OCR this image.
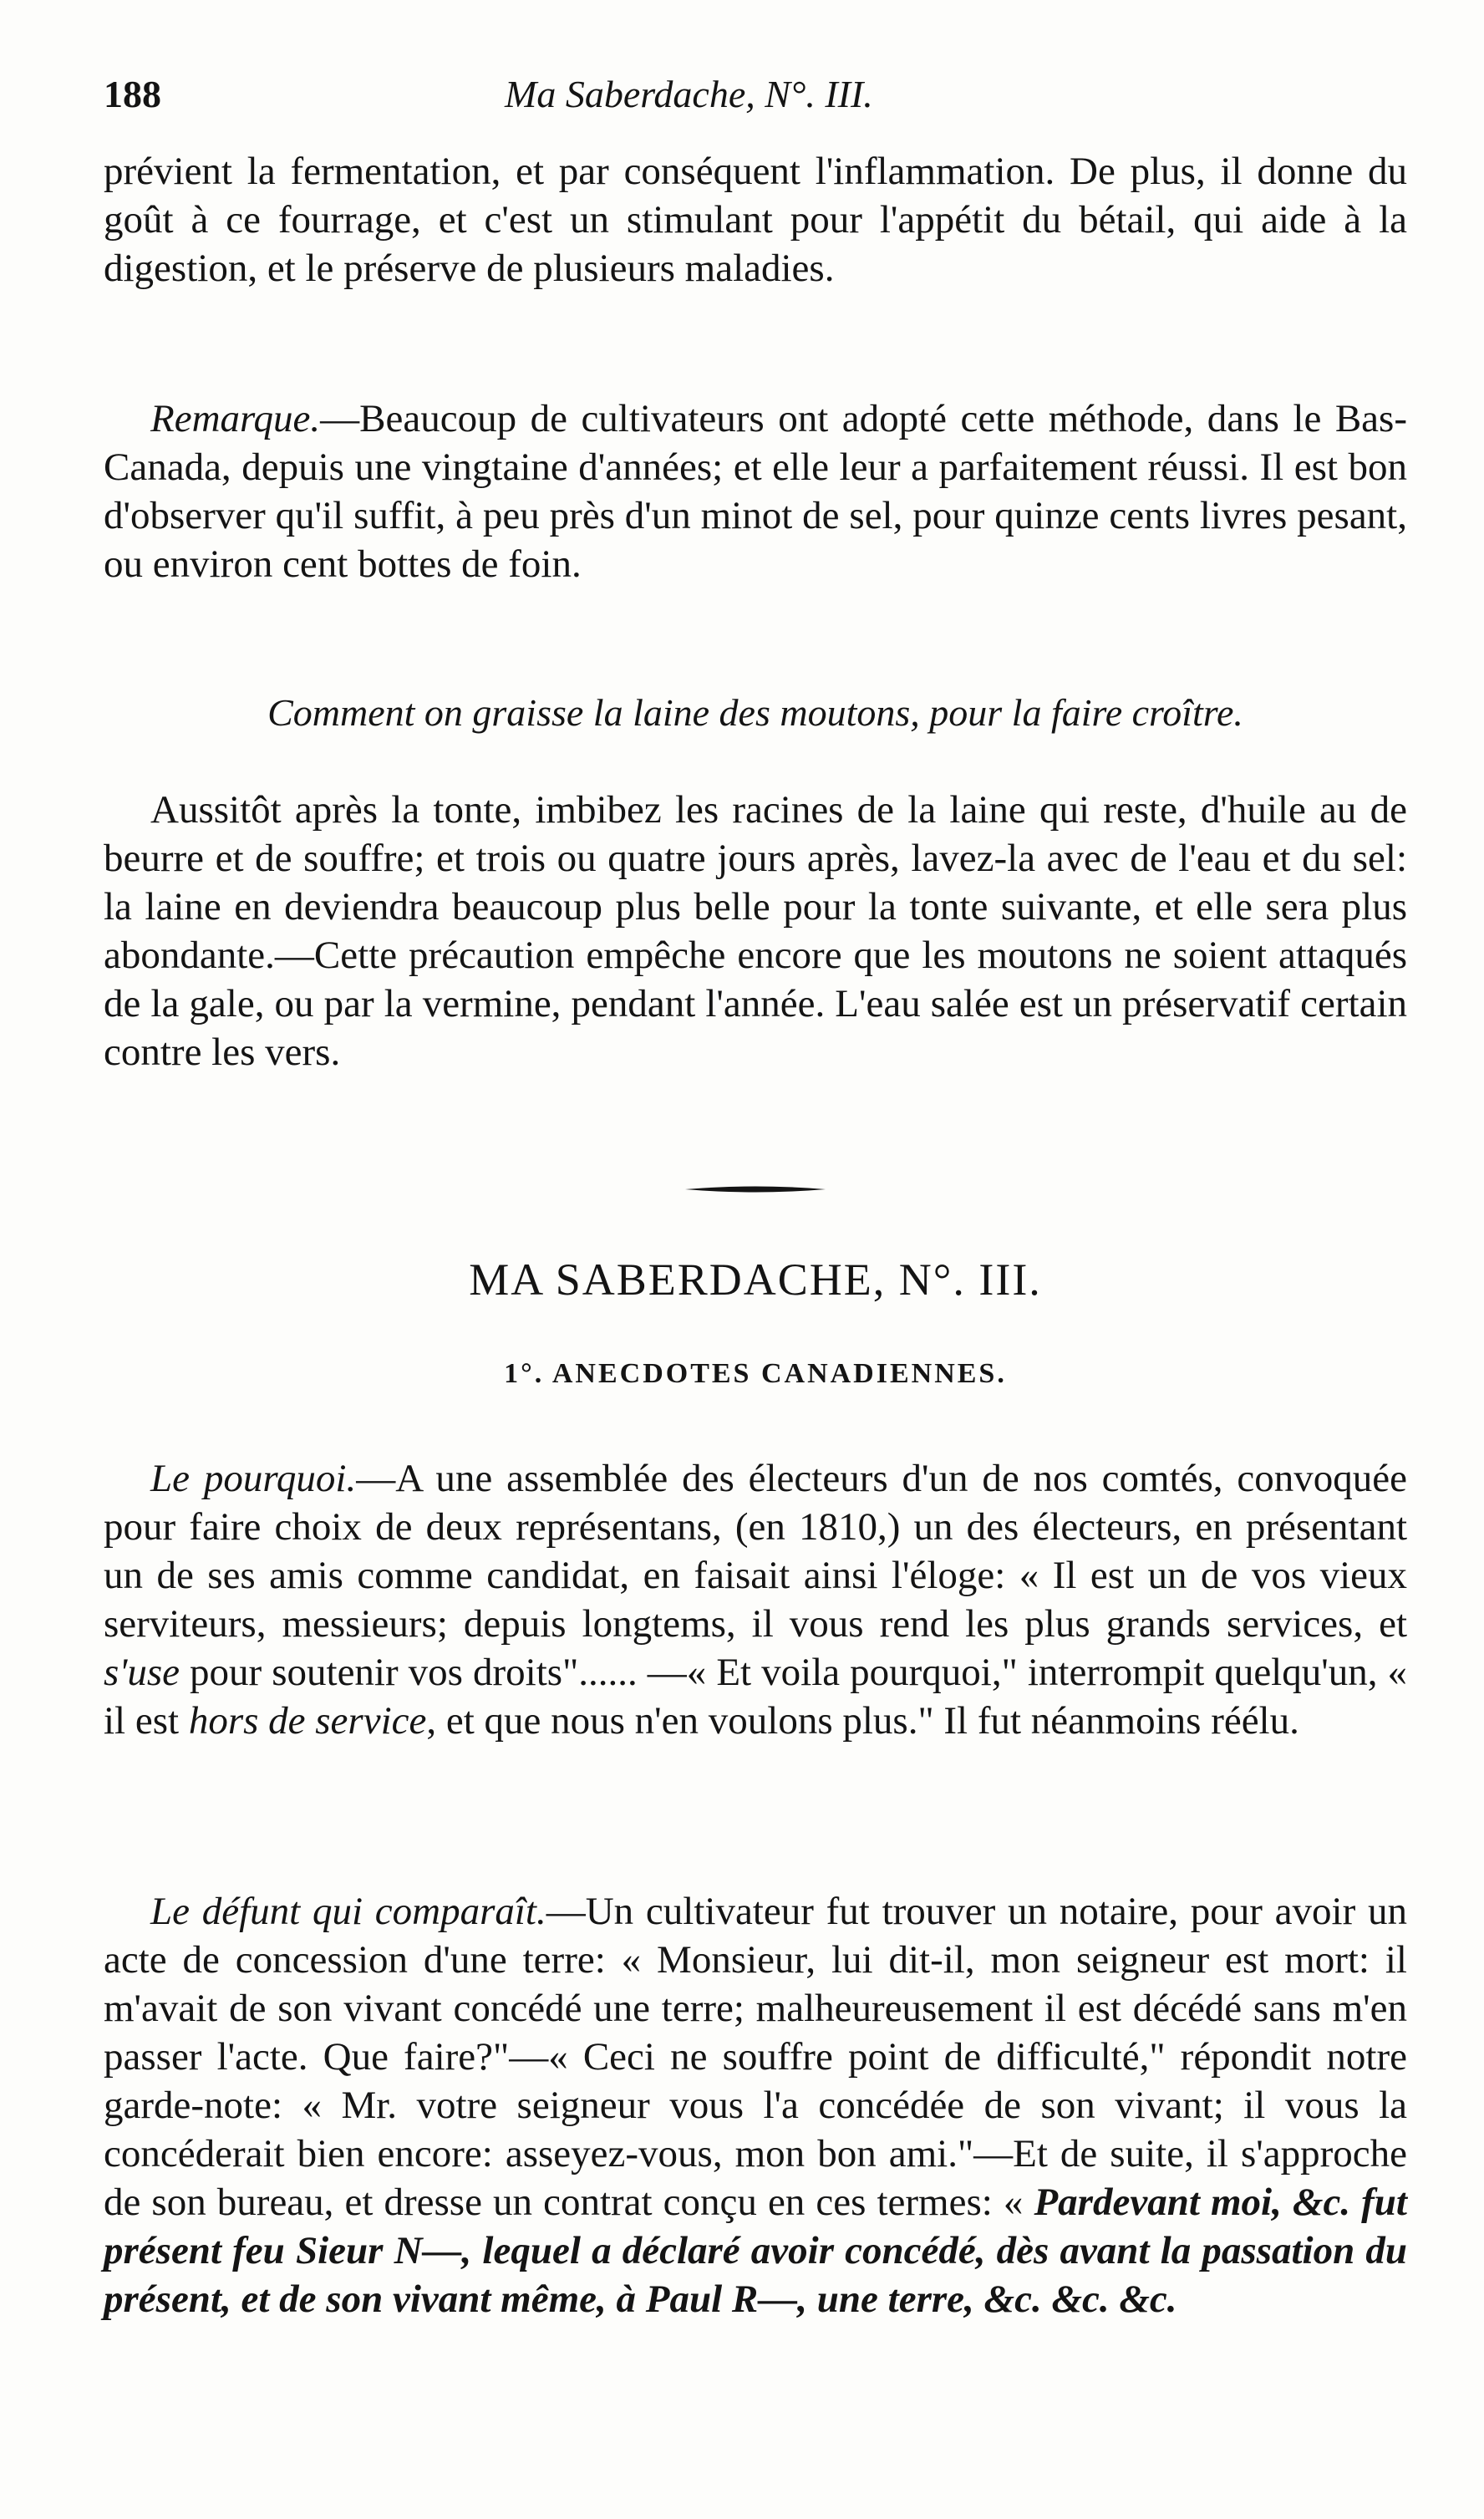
188	Ma Saberdache, N°. III.

prévient la fermentation, et par conséquent l'inflammation. De plus, il donne du goût à ce fourrage, et c'est un stimulant pour l'appétit du bétail, qui aide à la digestion, et le préserve de plusieurs maladies.

Remarque.—Beaucoup de cultivateurs ont adopté cette méthode, dans le Bas-Canada, depuis une vingtaine d'années; et elle leur a parfaitement réussi. Il est bon d'observer qu'il suffit, à peu près d'un minot de sel, pour quinze cents livres pesant, ou environ cent bottes de foin.

Comment on graisse la laine des moutons, pour la faire croître.

Aussitôt après la tonte, imbibez les racines de la laine qui reste, d'huile au de beurre et de souffre; et trois ou quatre jours après, lavez-la avec de l'eau et du sel: la laine en deviendra beaucoup plus belle pour la tonte suivante, et elle sera plus abondante.—Cette précaution empêche encore que les moutons ne soient attaqués de la gale, ou par la vermine, pendant l'année. L'eau salée est un préservatif certain contre les vers.

MA SABERDACHE, N°. III.
1°. ANECDOTES CANADIENNES.

Le pourquoi.—A une assemblée des électeurs d'un de nos comtés, convoquée pour faire choix de deux représentans, (en 1810,) un des électeurs, en présentant un de ses amis comme candidat, en faisait ainsi l'éloge: « Il est un de vos vieux serviteurs, messieurs; depuis longtems, il vous rend les plus grands services, et s'use pour soutenir vos droits"...... —« Et voila pourquoi," interrompit quelqu'un, « il est hors de service, et que nous n'en voulons plus." Il fut néanmoins réélu.

Le défunt qui comparaît.—Un cultivateur fut trouver un notaire, pour avoir un acte de concession d'une terre: « Monsieur, lui dit-il, mon seigneur est mort: il m'avait de son vivant concédé une terre; malheureusement il est décédé sans m'en passer l'acte. Que faire?"—« Ceci ne souffre point de difficulté," répondit notre garde-note: « Mr. votre seigneur vous l'a concédée de son vivant; il vous la concéderait bien encore: asseyez-vous, mon bon ami."—Et de suite, il s'approche de son bureau, et dresse un contrat conçu en ces termes: « Pardevant moi, &c. fut présent feu Sieur N—, lequel a déclaré avoir concédé, dès avant la passation du présent, et de son vivant même, à Paul R—, une terre, &c. &c. &c.
